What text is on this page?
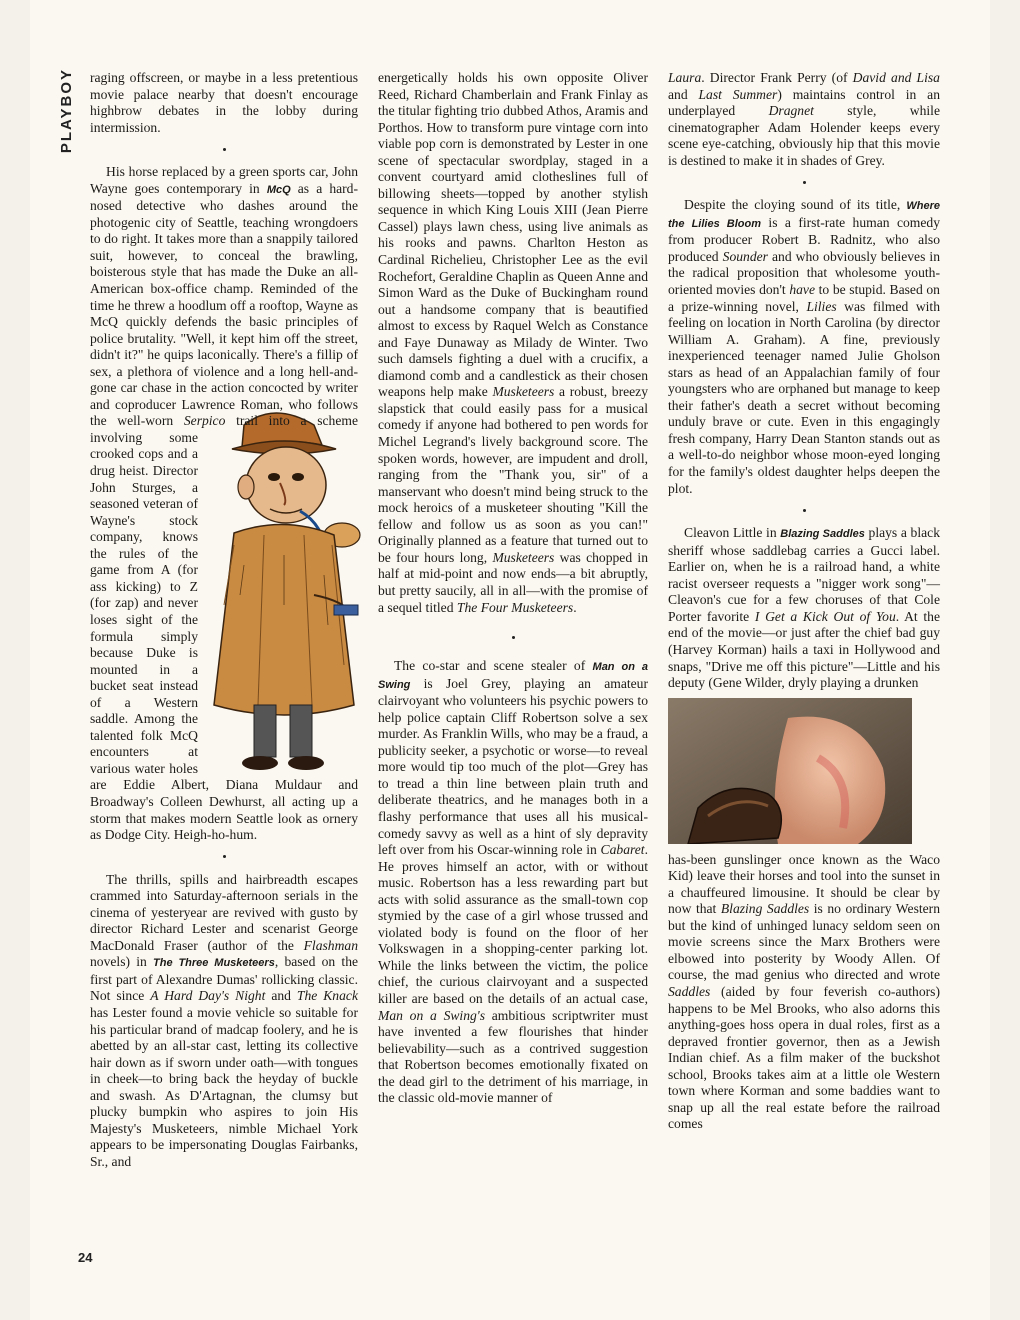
PLAYBOY
24

raging offscreen, or maybe in a less pretentious movie palace nearby that doesn't encourage highbrow debates in the lobby during intermission.

His horse replaced by a green sports car, John Wayne goes contemporary in McQ as a hard-nosed detective who dashes around the photogenic city of Seattle, teaching wrongdoers to do right. It takes more than a snappily tailored suit, however, to conceal the brawling, boisterous style that has made the Duke an all-American box-office champ. Reminded of the time he threw a hoodlum off a rooftop, Wayne as McQ quickly defends the basic principles of police brutality. "Well, it kept him off the street, didn't it?" he quips laconically. There's a fillip of sex, a plethora of violence and a long hell-and-gone car chase in the action concocted by writer and coproducer Lawrence Roman, who follows the well-worn
Serpico trail into a scheme involving some crooked cops and a drug heist. Director John Sturges, a seasoned veteran of Wayne's stock company, knows the rules of the game from A (for ass kicking) to Z (for zap) and never loses sight of the formula simply because Duke is mounted in a bucket seat instead of a Western saddle. Among the talented folk McQ encounters at various water holes are Eddie Albert, Diana Muldaur and Broadway's Colleen Dewhurst, all acting up a storm that makes modern Seattle look as ornery as Dodge City. Heigh-ho-hum.

The thrills, spills and hairbreadth escapes crammed into Saturday-afternoon serials in the cinema of yesteryear are revived with gusto by director Richard Lester and scenarist George MacDonald Fraser (author of the Flashman novels) in The Three Musketeers, based on the first part of Alexandre Dumas' rollicking classic. Not since A Hard Day's Night and The Knack has Lester found a movie vehicle so suitable for his particular brand of madcap foolery, and he is abetted by an all-star cast, letting its collective hair down as if sworn under oath—with tongues in cheek—to bring back the heyday of buckle and swash. As D'Artagnan, the clumsy but plucky bumpkin who aspires to join His Majesty's Musketeers, nimble Michael York appears to be impersonating Douglas Fairbanks, Sr., and

energetically holds his own opposite Oliver Reed, Richard Chamberlain and Frank Finlay as the titular fighting trio dubbed Athos, Aramis and Porthos. How to transform pure vintage corn into viable pop corn is demonstrated by Lester in one scene of spectacular swordplay, staged in a convent courtyard amid clotheslines full of billowing sheets—topped by another stylish sequence in which King Louis XIII (Jean Pierre Cassel) plays lawn chess, using live animals as his rooks and pawns. Charlton Heston as Cardinal Richelieu, Christopher Lee as the evil Rochefort, Geraldine Chaplin as Queen Anne and Simon Ward as the Duke of Buckingham round out a handsome company that is beautified almost to excess by Raquel Welch as Constance and Faye Dunaway as Milady de Winter. Two such damsels fighting a duel with a crucifix, a diamond comb and a candlestick as their chosen weapons help make Musketeers a robust, breezy slapstick that could easily pass for a musical comedy if anyone had bothered to pen words for Michel Legrand's lively background score. The spoken words, however, are impudent and droll, ranging from the "Thank you, sir" of a manservant who doesn't mind being struck to the mock heroics of a musketeer shouting "Kill the fellow and follow us as soon as you can!" Originally planned as a feature that turned out to be four hours long, Musketeers was chopped in half at mid-point and now ends—a bit abruptly, but pretty saucily, all in all—with the promise of a sequel titled The Four Musketeers.

The co-star and scene stealer of Man on a Swing is Joel Grey, playing an amateur clairvoyant who volunteers his psychic powers to help police captain Cliff Robertson solve a sex murder. As Franklin Wills, who may be a fraud, a publicity seeker, a psychotic or worse—to reveal more would tip too much of the plot—Grey has to tread a thin line between plain truth and deliberate theatrics, and he manages both in a flashy performance that uses all his musical-comedy savvy as well as a hint of sly depravity left over from his Oscar-winning role in Cabaret. He proves himself an actor, with or without music. Robertson has a less rewarding part but acts with solid assurance as the small-town cop stymied by the case of a girl whose trussed and violated body is found on the floor of her Volkswagen in a shopping-center parking lot. While the links between the victim, the police chief, the curious clairvoyant and a suspected killer are based on the details of an actual case, Man on a Swing's ambitious scriptwriter must have invented a few flourishes that hinder believability—such as a contrived suggestion that Robertson becomes emotionally fixated on the dead girl to the detriment of his marriage, in the classic old-movie manner of

Laura. Director Frank Perry (of David and Lisa and Last Summer) maintains control in an underplayed Dragnet style, while cinematographer Adam Holender keeps every scene eye-catching, obviously hip that this movie is destined to make it in shades of Grey.

Despite the cloying sound of its title, Where the Lilies Bloom is a first-rate human comedy from producer Robert B. Radnitz, who also produced Sounder and who obviously believes in the radical proposition that wholesome youth-oriented movies don't have to be stupid. Based on a prize-winning novel, Lilies was filmed with feeling on location in North Carolina (by director William A. Graham). A fine, previously inexperienced teenager named Julie Gholson stars as head of an Appalachian family of four youngsters who are orphaned but manage to keep their father's death a secret without becoming unduly brave or cute. Even in this engagingly fresh company, Harry Dean Stanton stands out as a well-to-do neighbor whose moon-eyed longing for the family's oldest daughter helps deepen the plot.

Cleavon Little in Blazing Saddles plays a black sheriff whose saddlebag carries a Gucci label. Earlier on, when he is a railroad hand, a white racist overseer requests a "nigger work song"—Cleavon's cue for a few choruses of that Cole Porter favorite I Get a Kick Out of You. At the end of the movie—or just after the chief bad guy (Harvey Korman) hails a taxi in Hollywood and snaps, "Drive me off this picture"—Little and his deputy (Gene Wilder, dryly playing a drunken

has-been gunslinger once known as the Waco Kid) leave their horses and tool into the sunset in a chauffeured limousine. It should be clear by now that Blazing Saddles is no ordinary Western but the kind of unhinged lunacy seldom seen on movie screens since the Marx Brothers were elbowed into posterity by Woody Allen. Of course, the mad genius who directed and wrote Saddles (aided by four feverish co-authors) happens to be Mel Brooks, who also adorns this anything-goes hoss opera in dual roles, first as a depraved frontier governor, then as a Jewish Indian chief. As a film maker of the buckshot school, Brooks takes aim at a little ole Western town where Korman and some baddies want to snap up all the real estate before the railroad comes
